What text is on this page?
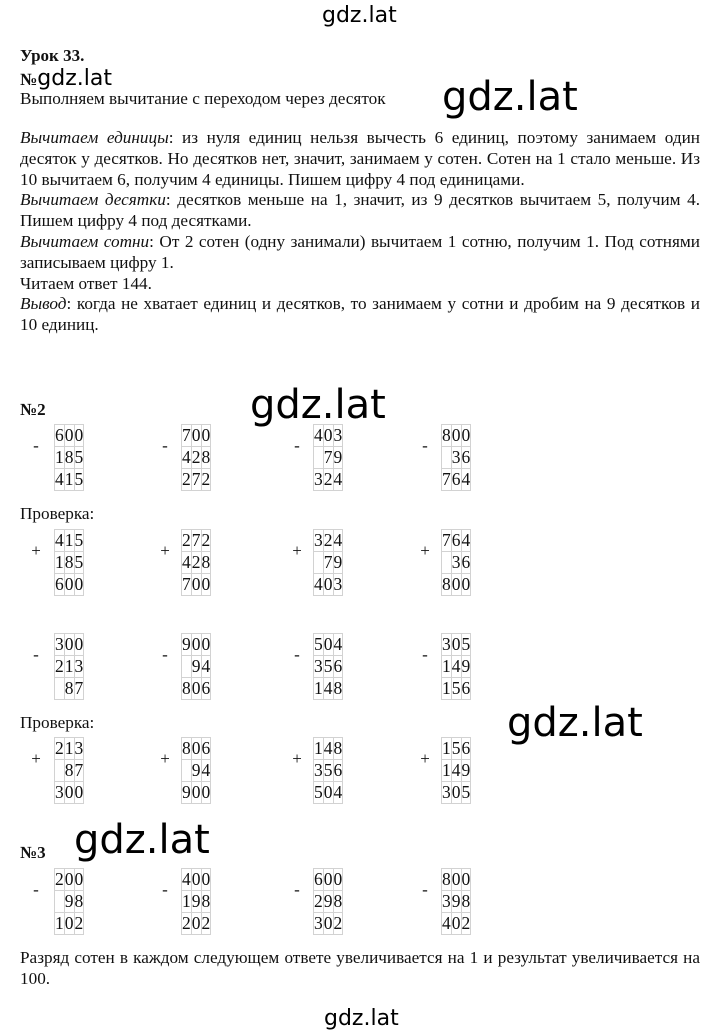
gdz.lat
gdz.lat
gdz.lat
gdz.lat
gdz.lat
gdz.lat
Урок 33.
№gdz.lat
Выполняем вычитание с переходом через десяток

Вычитаем единицы: из нуля единиц нельзя вычесть 6 единиц, поэтому занимаем один десяток у десятков. Но десятков нет, значит, занимаем у сотен. Сотен на 1 стало меньше. Из 10 вычитаем 6, получим 4 единицы. Пишем цифру 4 под единицами.

Вычитаем десятки: десятков меньше на 1, значит, из 9 десятков вычитаем 5, получим 4. Пишем цифру 4 под десятками.

Вычитаем сотни: От 2 сотен (одну занимали) вычитаем 1 сотню, получим 1. Под сотнями записываем цифру 1.

Читаем ответ 144.

Вывод: когда не хватает единиц и десятков, то занимаем у сотни и дробим на 9 десятков и 10 единиц.

№2
-
6	0	0
1	8	5
4	1	5
-
7	0	0
4	2	8
2	7	2
-
4	0	3
	7	9
3	2	4
-
8	0	0
	3	6
7	6	4
Проверка:
+
4	1	5
1	8	5
6	0	0
+
2	7	2
4	2	8
7	0	0
+
3	2	4
	7	9
4	0	3
+
7	6	4
	3	6
8	0	0
-
3	0	0
2	1	3
	8	7
-
9	0	0
	9	4
8	0	6
-
5	0	4
3	5	6
1	4	8
-
3	0	5
1	4	9
1	5	6
Проверка:
+
2	1	3
	8	7
3	0	0
+
8	0	6
	9	4
9	0	0
+
1	4	8
3	5	6
5	0	4
+
1	5	6
1	4	9
3	0	5
№3
-
2	0	0
	9	8
1	0	2
-
4	0	0
1	9	8
2	0	2
-
6	0	0
2	9	8
3	0	2
-
8	0	0
3	9	8
4	0	2
Разряд сотен в каждом следующем ответе увеличивается на 1 и результат увеличивается на 100.
